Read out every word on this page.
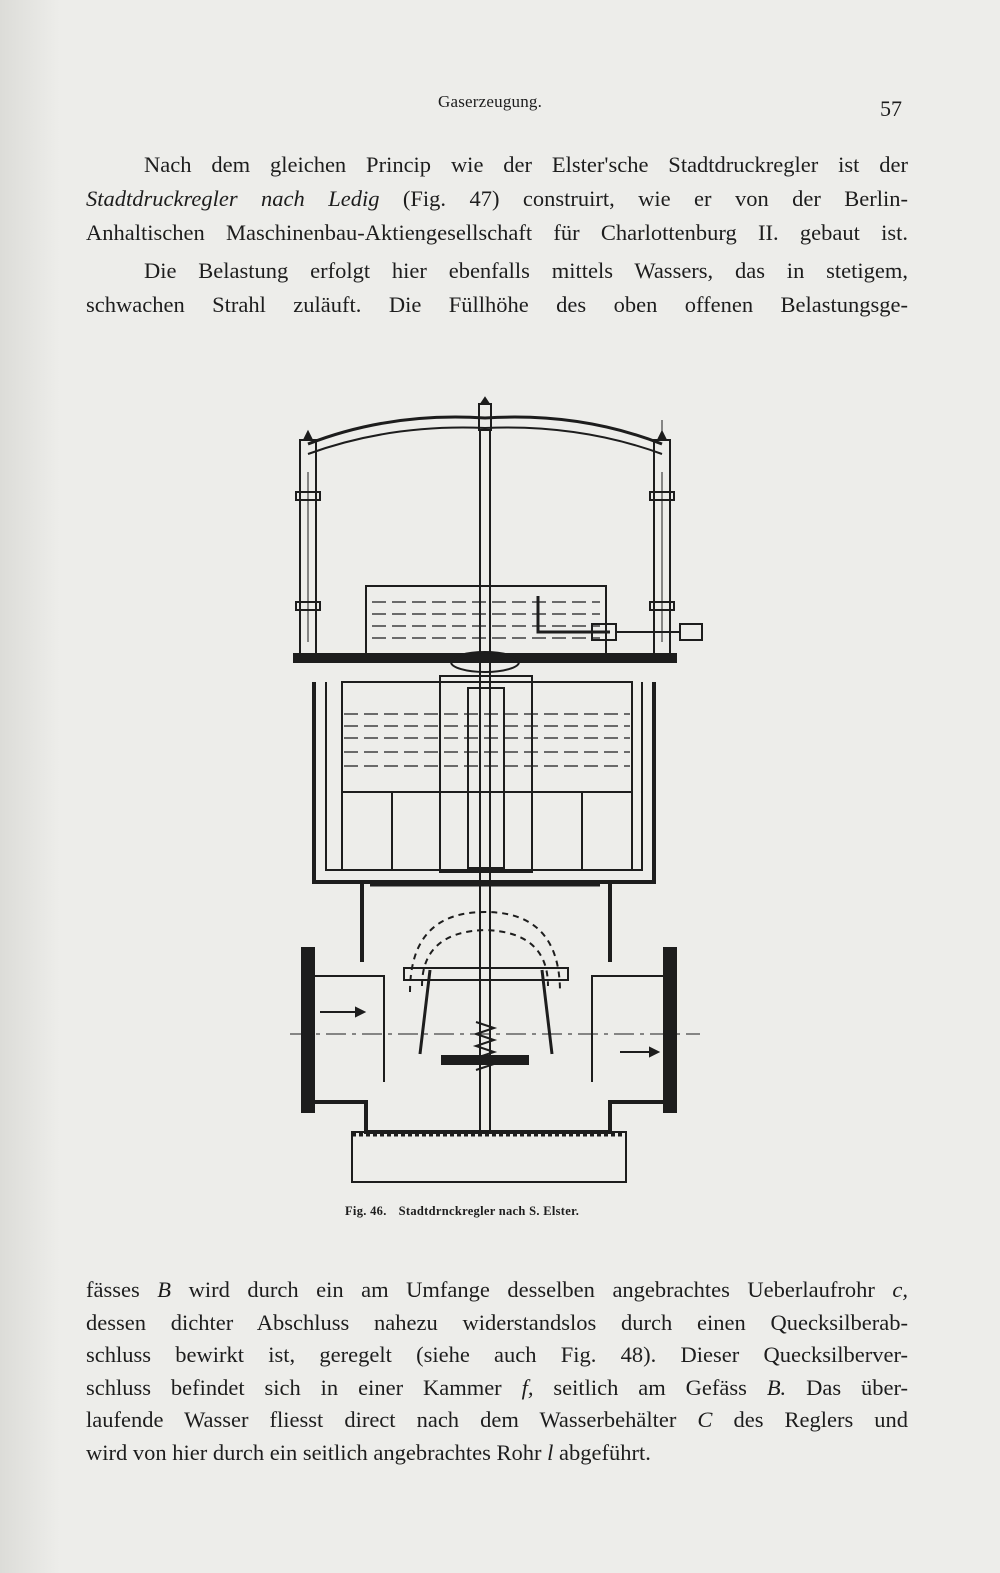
Gaserzeugung.	57
Nach dem gleichen Princip wie der Elster'sche Stadtdruckregler ist der
Stadtdruckregler nach Ledig (Fig. 47) construirt, wie er von der Berlin-
Anhaltischen Maschinenbau-Aktiengesellschaft für Charlottenburg II. gebaut ist.
Die Belastung erfolgt hier ebenfalls mittels Wassers, das in stetigem,
schwachen Strahl zuläuft. Die Füllhöhe des oben offenen Belastungsge-
Fig. 46. Stadtdrnckregler nach S. Elster.
fässes B wird durch ein am Umfange desselben angebrachtes Ueberlaufrohr c,
dessen dichter Abschluss nahezu widerstandslos durch einen Quecksilberab-
schluss bewirkt ist, geregelt (siehe auch Fig. 48). Dieser Quecksilberver-
schluss befindet sich in einer Kammer f, seitlich am Gefäss B. Das über-
laufende Wasser fliesst direct nach dem Wasserbehälter C des Reglers und
wird von hier durch ein seitlich angebrachtes Rohr l abgeführt.
